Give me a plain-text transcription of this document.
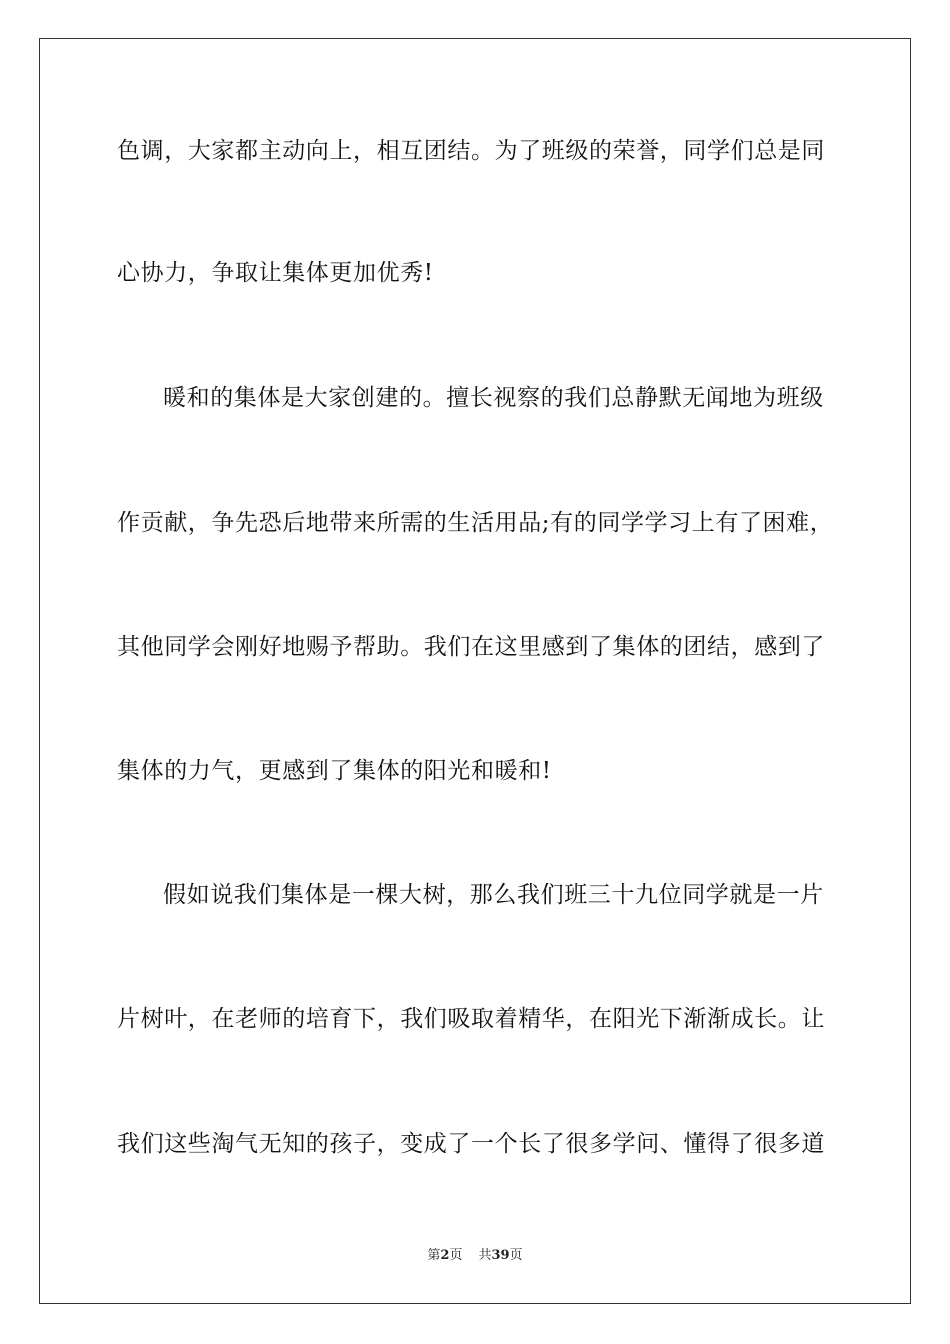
色调，大家都主动向上，相互团结。为了班级的荣誉，同学们总是同
心协力，争取让集体更加优秀!
暖和的集体是大家创建的。擅长视察的我们总静默无闻地为班级
作贡献，争先恐后地带来所需的生活用品;有的同学学习上有了困难，
其他同学会刚好地赐予帮助。我们在这里感到了集体的团结，感到了
集体的力气，更感到了集体的阳光和暖和!
假如说我们集体是一棵大树，那么我们班三十九位同学就是一片
片树叶，在老师的培育下，我们吸取着精华，在阳光下渐渐成长。让
我们这些淘气无知的孩子，变成了一个长了很多学问、懂得了很多道
第2页 共39页
